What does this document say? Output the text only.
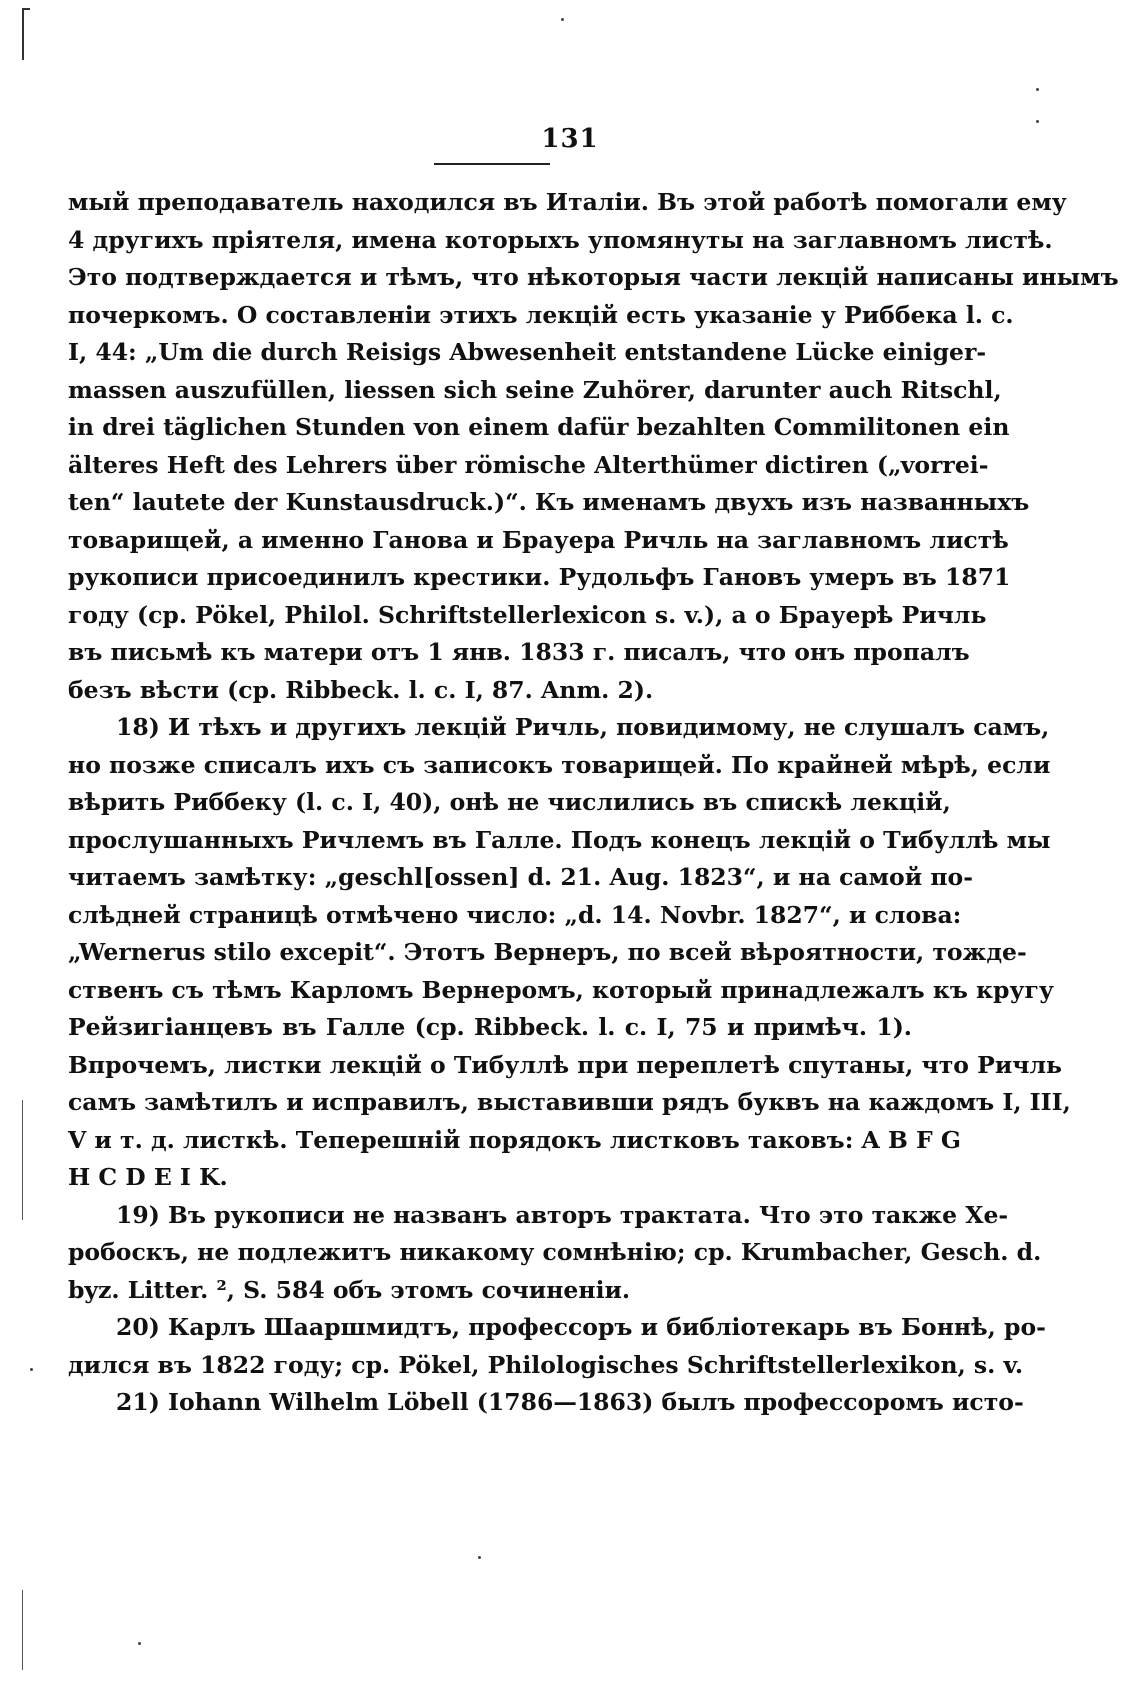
131
мый преподаватель находился въ Италіи. Въ этой работѣ помогали ему
4 другихъ пріятеля, имена которыхъ упомянуты на заглавномъ листѣ.
Это подтверждается и тѣмъ, что нѣкоторыя части лекцій написаны инымъ
почеркомъ. О составленіи этихъ лекцій есть указаніе у Риббека l. c.
I, 44: „Um die durch Reisigs Abwesenheit entstandene Lücke einiger-
massen auszufüllen, liessen sich seine Zuhörer, darunter auch Ritschl,
in drei täglichen Stunden von einem dafür bezahlten Commilitonen ein
älteres Heft des Lehrers über römische Alterthümer dictiren („vorrei-
ten“ lautete der Kunstausdruck.)“. Къ именамъ двухъ изъ названныхъ
товарищей, а именно Ганова и Брауера Ричль на заглавномъ листѣ
рукописи присоединилъ крестики. Рудольфъ Гановъ умеръ въ 1871
году (ср. Pökel, Philol. Schriftstellerlexicon s. v.), а о Брауерѣ Ричль
въ письмѣ къ матери отъ 1 янв. 1833 г. писалъ, что онъ пропалъ
безъ вѣсти (ср. Ribbeck. l. c. I, 87. Anm. 2).
18) И тѣхъ и другихъ лекцій Ричль, повидимому, не слушалъ самъ,
но позже списалъ ихъ съ записокъ товарищей. По крайней мѣрѣ, если
вѣрить Риббеку (l. c. I, 40), онѣ не числились въ спискѣ лекцій,
прослушанныхъ Ричлемъ въ Галле. Подъ конецъ лекцій о Тибуллѣ мы
читаемъ замѣтку: „geschl[ossen] d. 21. Aug. 1823“, и на самой по-
слѣдней страницѣ отмѣчено число: „d. 14. Novbr. 1827“, и слова:
„Wernerus stilo excepit“. Этотъ Вернеръ, по всей вѣроятности, тожде-
ственъ съ тѣмъ Карломъ Вернеромъ, который принадлежалъ къ кругу
Рейзигіанцевъ въ Галле (ср. Ribbeck. l. c. I, 75 и примѣч. 1).
Впрочемъ, листки лекцій о Тибуллѣ при переплетѣ спутаны, что Ричль
самъ замѣтилъ и исправилъ, выставивши рядъ буквъ на каждомъ I, III,
V и т. д. листкѣ. Теперешній порядокъ листковъ таковъ: A B F G
H C D E I K.
19) Въ рукописи не названъ авторъ трактата. Что это также Хе-
робоскъ, не подлежитъ никакому сомнѣнію; ср. Krumbacher, Gesch. d.
byz. Litter. ², S. 584 объ этомъ сочиненіи.
20) Карлъ Шааршмидтъ, профессоръ и библіотекарь въ Боннѣ, ро-
дился въ 1822 году; ср. Pökel, Philologisches Schriftstellerlexikon, s. v.
21) Iohann Wilhelm Löbell (1786—1863) былъ профессоромъ исто-
